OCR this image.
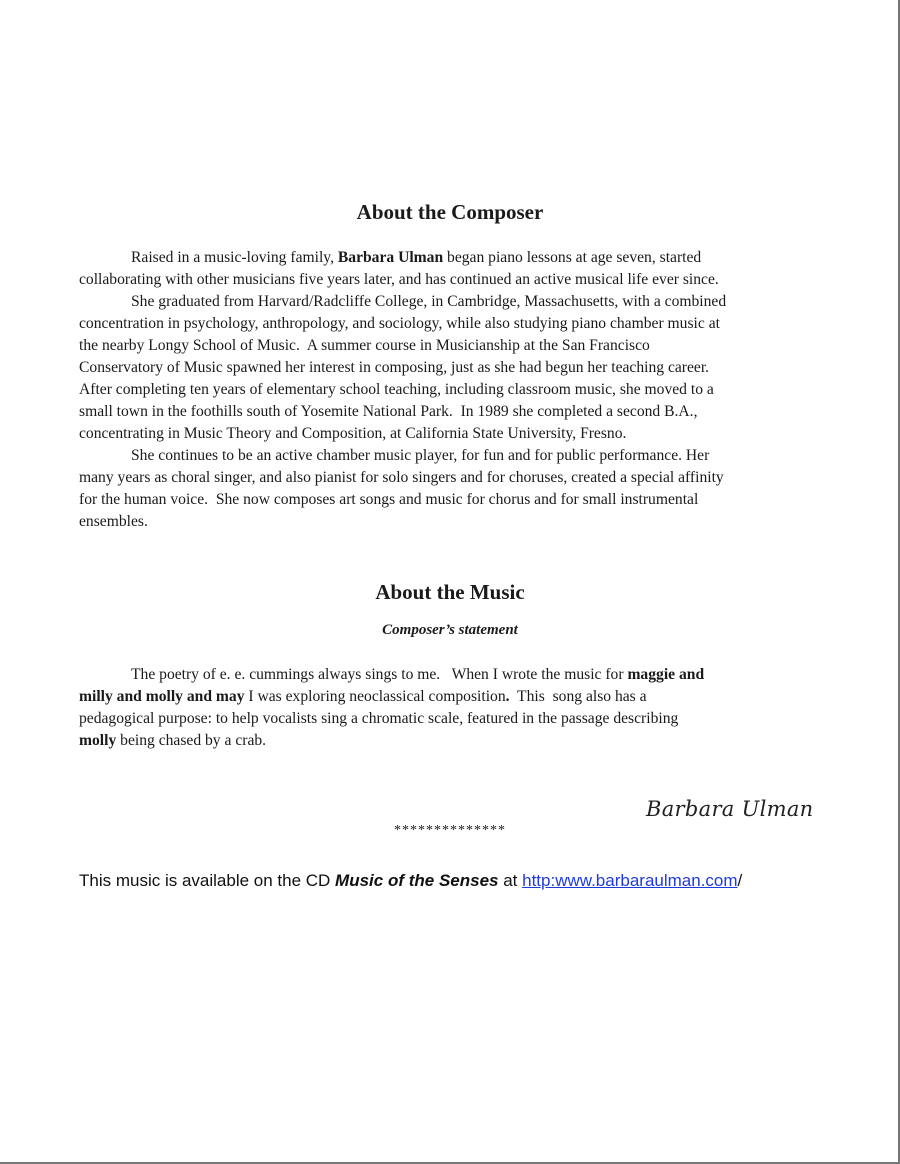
About the Composer
Raised in a music-loving family, Barbara Ulman began piano lessons at age seven, started
collaborating with other musicians five years later, and has continued an active musical life ever since.
She graduated from Harvard/Radcliffe College, in Cambridge, Massachusetts, with a combined
concentration in psychology, anthropology, and sociology, while also studying piano chamber music at
the nearby Longy School of Music.  A summer course in Musicianship at the San Francisco
Conservatory of Music spawned her interest in composing, just as she had begun her teaching career.
After completing ten years of elementary school teaching, including classroom music, she moved to a
small town in the foothills south of Yosemite National Park.  In 1989 she completed a second B.A.,
concentrating in Music Theory and Composition, at California State University, Fresno.
She continues to be an active chamber music player, for fun and for public performance. Her
many years as choral singer, and also pianist for solo singers and for choruses, created a special affinity
for the human voice.  She now composes art songs and music for chorus and for small instrumental
ensembles.
About the Music
Composer’s statement
The poetry of e. e. cummings always sings to me.   When I wrote the music for maggie and
milly and molly and may I was exploring neoclassical composition.  This  song also has a
pedagogical purpose: to help vocalists sing a chromatic scale, featured in the passage describing
molly being chased by a crab.
Barbara Ulman
**************
This music is available on the CD Music of the Senses at http:www.barbaraulman.com/
